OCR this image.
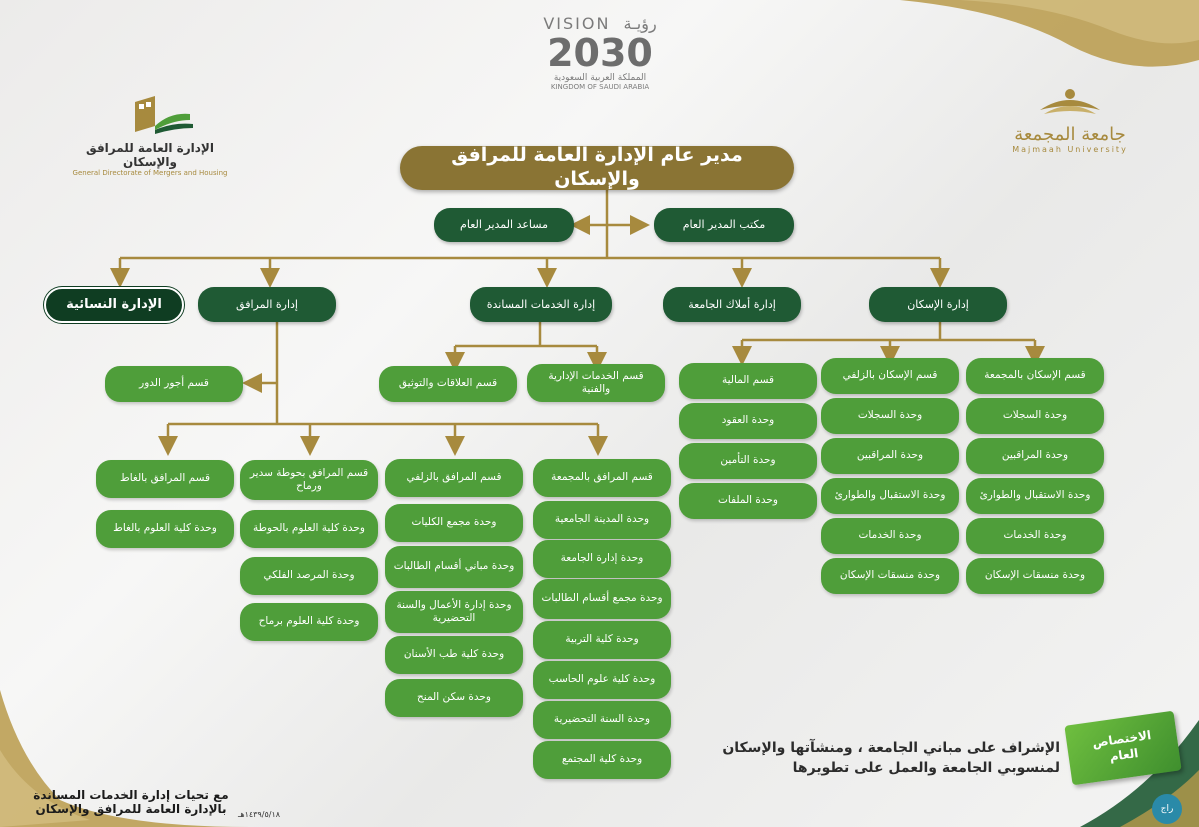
VISION رؤيـة
2030
المملكة العربية السعودية
KINGDOM OF SAUDI ARABIA
الإدارة العامة للمرافق والإسكان
General Directorate of Mergers and Housing
جامعة المجمعة
Majmaah University
مدير عام الإدارة العامة للمرافق والإسكان
مكتب المدير العام
مساعد المدير العام
إدارة الإسكان
إدارة أملاك الجامعة
إدارة الخدمات المساندة
إدارة المرافق
الإدارة النسائية
قسم الإسكان بالمجمعة
وحدة السجلات
وحدة المراقبين
وحدة الاستقبال والطوارئ
وحدة الخدمات
وحدة منسقات الإسكان
قسم الإسكان بالزلفي
وحدة السجلات
وحدة المراقبين
وحدة الاستقبال والطوارئ
وحدة الخدمات
وحدة منسقات الإسكان
قسم المالية
وحدة العقود
وحدة التأمين
وحدة الملفات
قسم الخدمات الإدارية والفنية
قسم العلاقات والتوثيق
قسم أجور الدور
قسم المرافق بالمجمعة
وحدة المدينة الجامعية
وحدة إدارة الجامعة
وحدة مجمع أقسام الطالبات
وحدة كلية التربية
وحدة كلية علوم الحاسب
وحدة السنة التحضيرية
وحدة كلية المجتمع
قسم المرافق بالزلفي
وحدة مجمع الكليات
وحدة مباني أقسام الطالبات
وحدة إدارة الأعمال والسنة التحضيرية
وحدة كلية طب الأسنان
وحدة سكن المنح
قسم المرافق بحوطة سدير ورماح
وحدة كلية العلوم بالحوطة
وحدة المرصد الفلكي
وحدة كلية العلوم برماح
قسم المرافق بالغاط
وحدة كلية العلوم بالغاط
الاختصاص العام
الإشراف على مباني الجامعة ، ومنشآتها والإسكان
لمنسوبي الجامعة والعمل على تطويرها
مع تحيات إدارة الخدمات المساندة
بالإدارة العامة للمرافق والإسكان	١٤٣٩/٥/١٨هـ
راج
